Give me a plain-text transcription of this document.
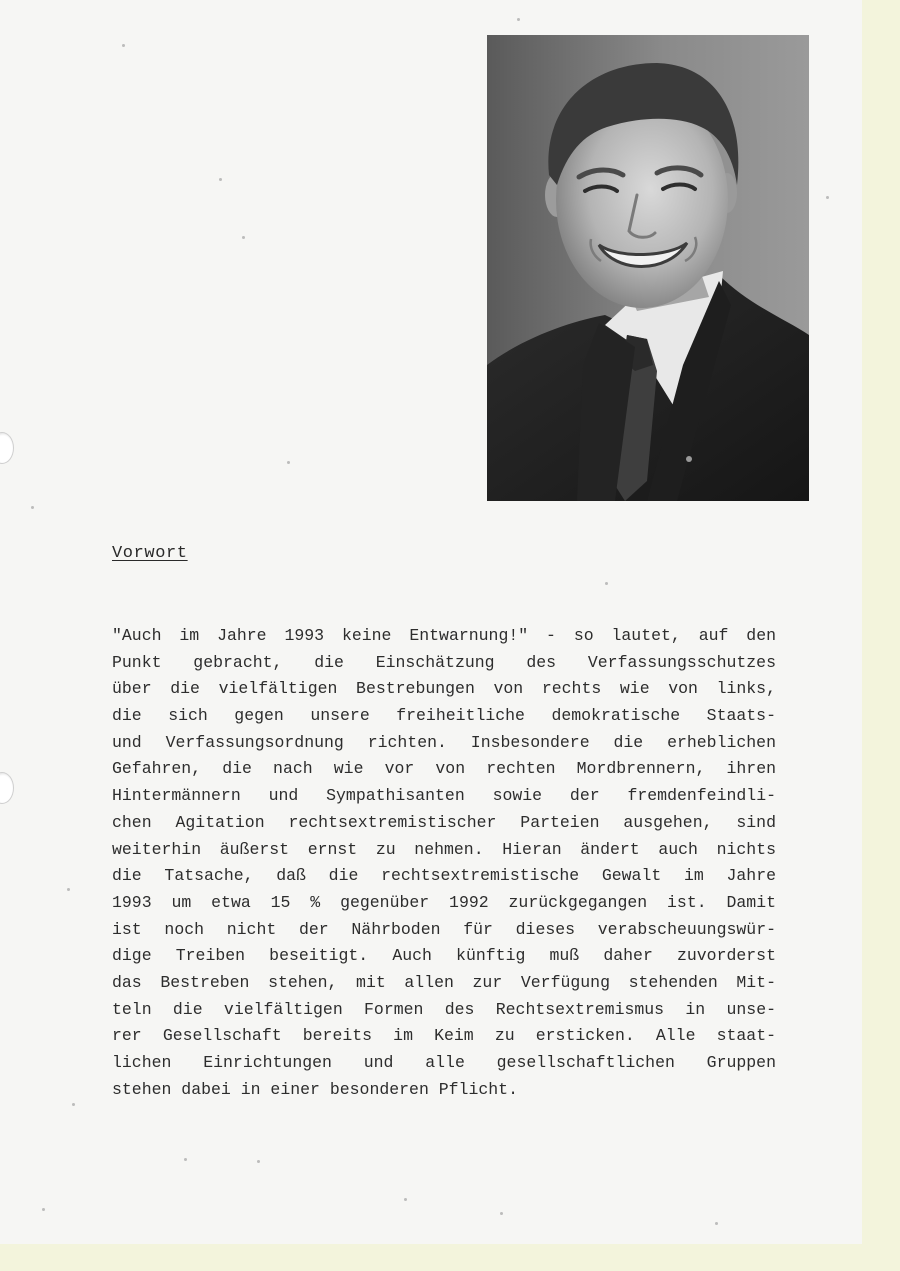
Vorwort
"Auch im Jahre 1993 keine Entwarnung!" - so lautet, auf den
Punkt gebracht, die Einschätzung des Verfassungsschutzes
über die vielfältigen Bestrebungen von rechts wie von links,
die sich gegen unsere freiheitliche demokratische Staats-
und Verfassungsordnung richten. Insbesondere die erheblichen
Gefahren, die nach wie vor von rechten Mordbrennern, ihren
Hintermännern und Sympathisanten sowie der fremdenfeindli-
chen Agitation rechtsextremistischer Parteien ausgehen, sind
weiterhin äußerst ernst zu nehmen. Hieran ändert auch nichts
die Tatsache, daß die rechtsextremistische Gewalt im Jahre
1993 um etwa 15 % gegenüber 1992 zurückgegangen ist. Damit
ist noch nicht der Nährboden für dieses verabscheuungswür-
dige Treiben beseitigt. Auch künftig muß daher zuvorderst
das Bestreben stehen, mit allen zur Verfügung stehenden Mit-
teln die vielfältigen Formen des Rechtsextremismus in unse-
rer Gesellschaft bereits im Keim zu ersticken. Alle staat-
lichen Einrichtungen und alle gesellschaftlichen Gruppen
stehen dabei in einer besonderen Pflicht.
